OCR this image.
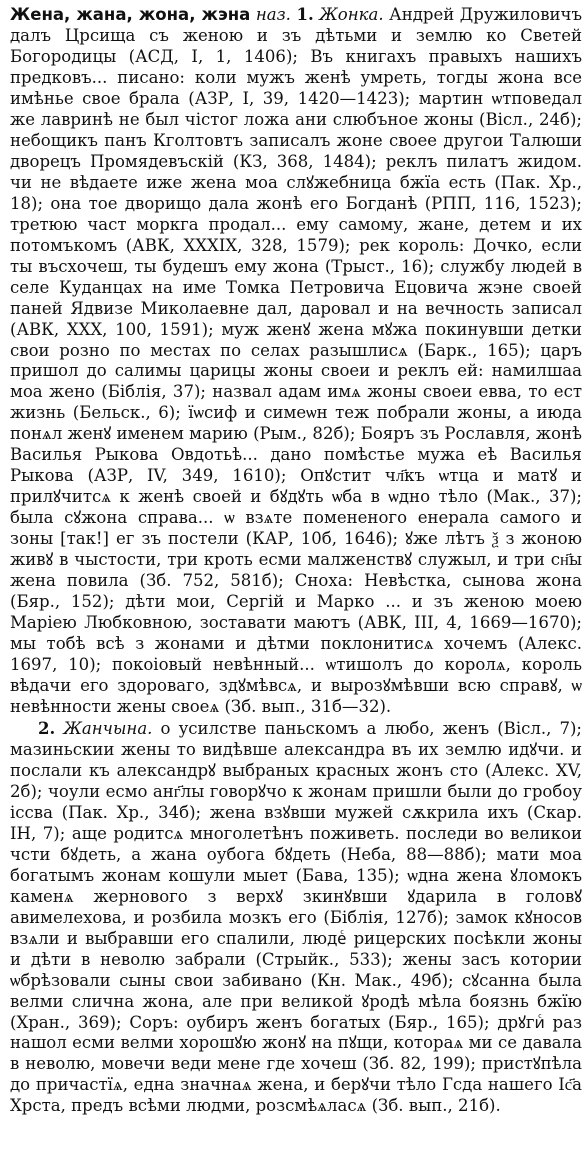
Жена, жана, жона, жэна наз. 1. Жонка. Андрей Дружиловичъ далъ Црсища съ женою и зъ дѣтьми и землю ко Светей Богородицы (АСД, I, 1, 1406); Въ книгахъ правыхъ нашихъ предковъ... писано: коли мужъ женѣ умреть, тогды жона все имѣнье свое брала (АЗР, I, 39, 1420—1423); мартин ѡтповедал же лавринѣ не был чістог ложа ани слюбъное жоны (Вісл., 24б); небощикъ панъ Кголтовтъ записалъ жоне своее другои Талюши дворецъ Промядевъскій (КЗ, 368, 1484); реклъ пилатъ жидом. чи не вѣдаете иже жена моа слꙋжебница бжїа есть (Пак. Хр., 18); она тое дворищо дала жонѣ его Богданѣ (РПП, 116, 1523); третюю част моркга продал... ему самому, жане, детем и их потомъкомъ (АВК, XXXIX, 328, 1579); рек король: Дочко, если ты въсхочеш, ты будешъ ему жона (Трыст., 16); службу людей в селе Куданцах на име Томка Петровича Ецовича жэне своей паней Ядвизе Миколаевне дал, даровал и на вечность записал (АВК, XXX, 100, 1591); муж женꙋ жена мꙋжа покинувши детки свои розно по местах по селах разышлисѧ (Барк., 165); царъ пришол до салимы царицы жоны своеи и реклъ ей: намилшаа моа жено (Біблія, 37); назвал адам имѧ жоны своеи евва, то ест жизнь (Бельск., 6); їѡсиф и симеѡн теж побрали жоны, а июда понѧл женꙋ именем марию (Рым., 82б); Бояръ зъ Рославля, жонѣ Василья Рыкова Овдотьѣ... дано помѣстье мужа еѣ Василья Рыкова (АЗР, IV, 349, 1610); Опꙋстит чл҃къ ѡтца и матꙋ и прилꙋчитсѧ к женѣ своей и бꙋдꙋть ѡба в ѡдно тѣло (Мак., 37); была сꙋжона справа... ѡ взѧте помененого енерала самого и зоны [так!] ег зъ постели (КАР, 10б, 1646); ꙋже лѣтъ ѯ з жоною живꙋ в чыстости, три кроть есми малженствꙋ служыл, и три сн҃ы жена повила (Зб. 752, 581б); Сноха: Невѣстка, сынова жона (Бяр., 152); дѣти мои, Сергій и Марко ... и зъ женою моею Маріею Любковною, зоставати маютъ (АВК, III, 4, 1669—1670); мы тобѣ всѣ з жонами и дѣтми поклонитисѧ хочемъ (Алекс. 1697, 10); покоіовый невѣнный... ѡтишолъ до королѧ, король вѣдачи его здороваго, здꙋмѣвсѧ, и вырозꙋмѣвши всю справꙋ, ѡ невѣнности жены своеѧ (Зб. вып., 31б—32).

2. Жанчына. о усилстве паньскомъ а любо, женъ (Вісл., 7); мазиньскии жены то видѣвше александра въ их землю идꙋчи. и послали къ александрꙋ выбраных красных жонъ сто (Алекс. XV, 2б); чоули есмо анг҃лы говорꙋчо к жонам пришли были до гробоу іссва (Пак. Хр., 34б); жена взꙋвши мужей сѫкрила ихъ (Скар. IН, 7); аще родитсѧ многолетѣнъ поживеть. последи во великои чсти бꙋдеть, а жана оубога бꙋдеть (Неба, 88—88б); мати моа богатымъ жонам кошули мыет (Бава, 135); ѡдна жена ꙋломокъ каменѧ жернового з верхꙋ зкинꙋвши ꙋдарила в головꙋ авимелехова, и розбила мозкъ его (Біблія, 127б); замок кꙋносов взѧли и выбравши его спалили, людеⷭ рицерских посѣкли жоны и дѣти в неволю забрали (Стрыйк., 533); жены засъ котории ѡбрѣзовали сыны свои забивано (Кн. Мак., 49б); сꙋсанна была велми слична жона, але при великой ꙋродѣ мѣла боязнь бжїю (Хран., 369); Соръ: оубиръ женъ богатых (Бяр., 165); дрꙋгиⷭ раз нашол есми велми хорошꙋю жонꙋ на пꙋщи, котораѧ ми се давала в неволю, мовечи веди мене где хочеш (Зб. 82, 199); пристꙋпѣла до причастїѧ, една значнаѧ жена, и берꙋчи тѣло Гсда нашего Іс҃а Хрста, предъ всѣми людми, розсмѣѧласѧ (Зб. вып., 21б).
